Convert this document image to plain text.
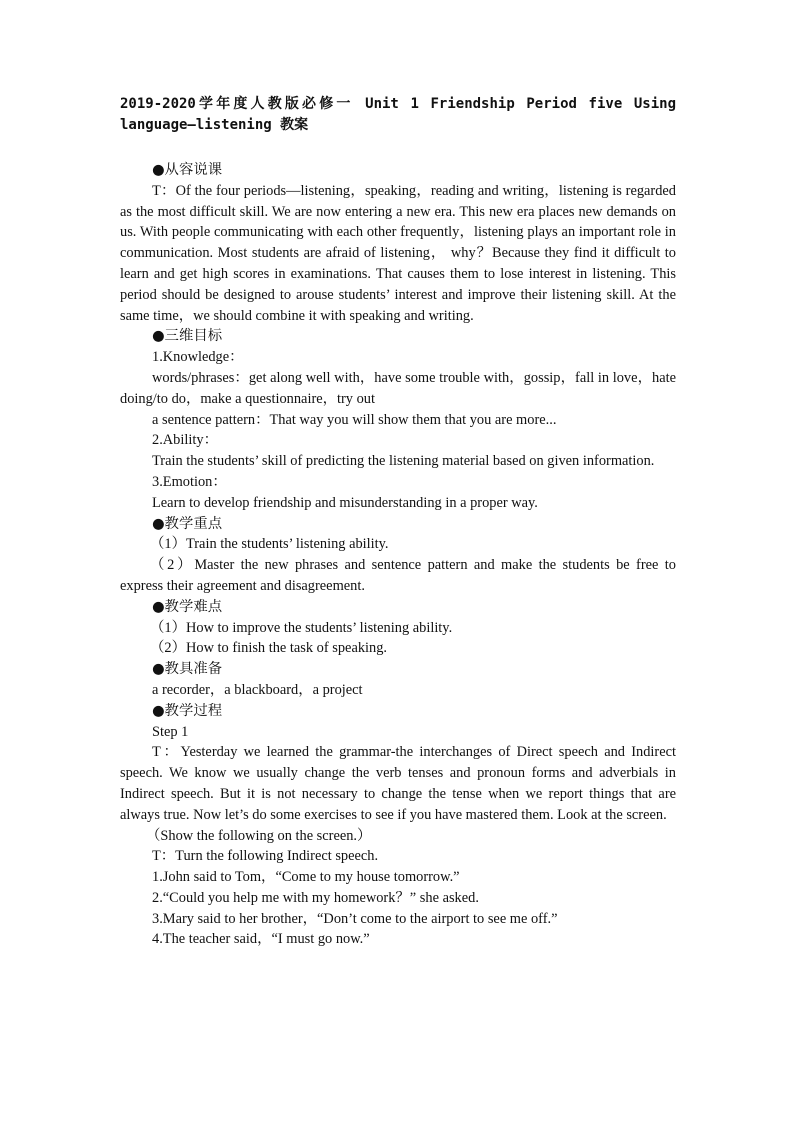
2019-2020学年度人教版必修一 Unit 1 Friendship Period five Using language—listening 教案
●从容说课

T：Of the four periods—listening，speaking，reading and writing，listening is regarded as the most difficult skill. We are now entering a new era. This new era places new demands on us. With people communicating with each other frequently，listening plays an important role in communication. Most students are afraid of listening， why？Because they find it difficult to learn and get high scores in examinations. That causes them to lose interest in listening. This period should be designed to arouse students’ interest and improve their listening skill. At the same time，we should combine it with speaking and writing.

●三维目标

1.Knowledge：

words/phrases：get along well with，have some trouble with，gossip，fall in love，hate doing/to do，make a questionnaire，try out

a sentence pattern：That way you will show them that you are more...

2.Ability：

Train the students’ skill of predicting the listening material based on given information.

3.Emotion：

Learn to develop friendship and misunderstanding in a proper way.

●教学重点

（1）Train the students’ listening ability.

（2）Master the new phrases and sentence pattern and make the students be free to express their agreement and disagreement.

●教学难点

（1）How to improve the students’ listening ability.

（2）How to finish the task of speaking.

●教具准备

a recorder，a blackboard，a project

●教学过程

Step 1

T：Yesterday we learned the grammar-the interchanges of Direct speech and Indirect speech. We know we usually change the verb tenses and pronoun forms and adverbials in Indirect speech. But it is not necessary to change the tense when we report things that are always true. Now let’s do some exercises to see if you have mastered them. Look at the screen.

（Show the following on the screen.）

T：Turn the following Indirect speech.

1.John said to Tom，“Come to my house tomorrow.”

2.“Could you help me with my homework？” she asked.

3.Mary said to her brother，“Don’t come to the airport to see me off.”

4.The teacher said，“I must go now.”
